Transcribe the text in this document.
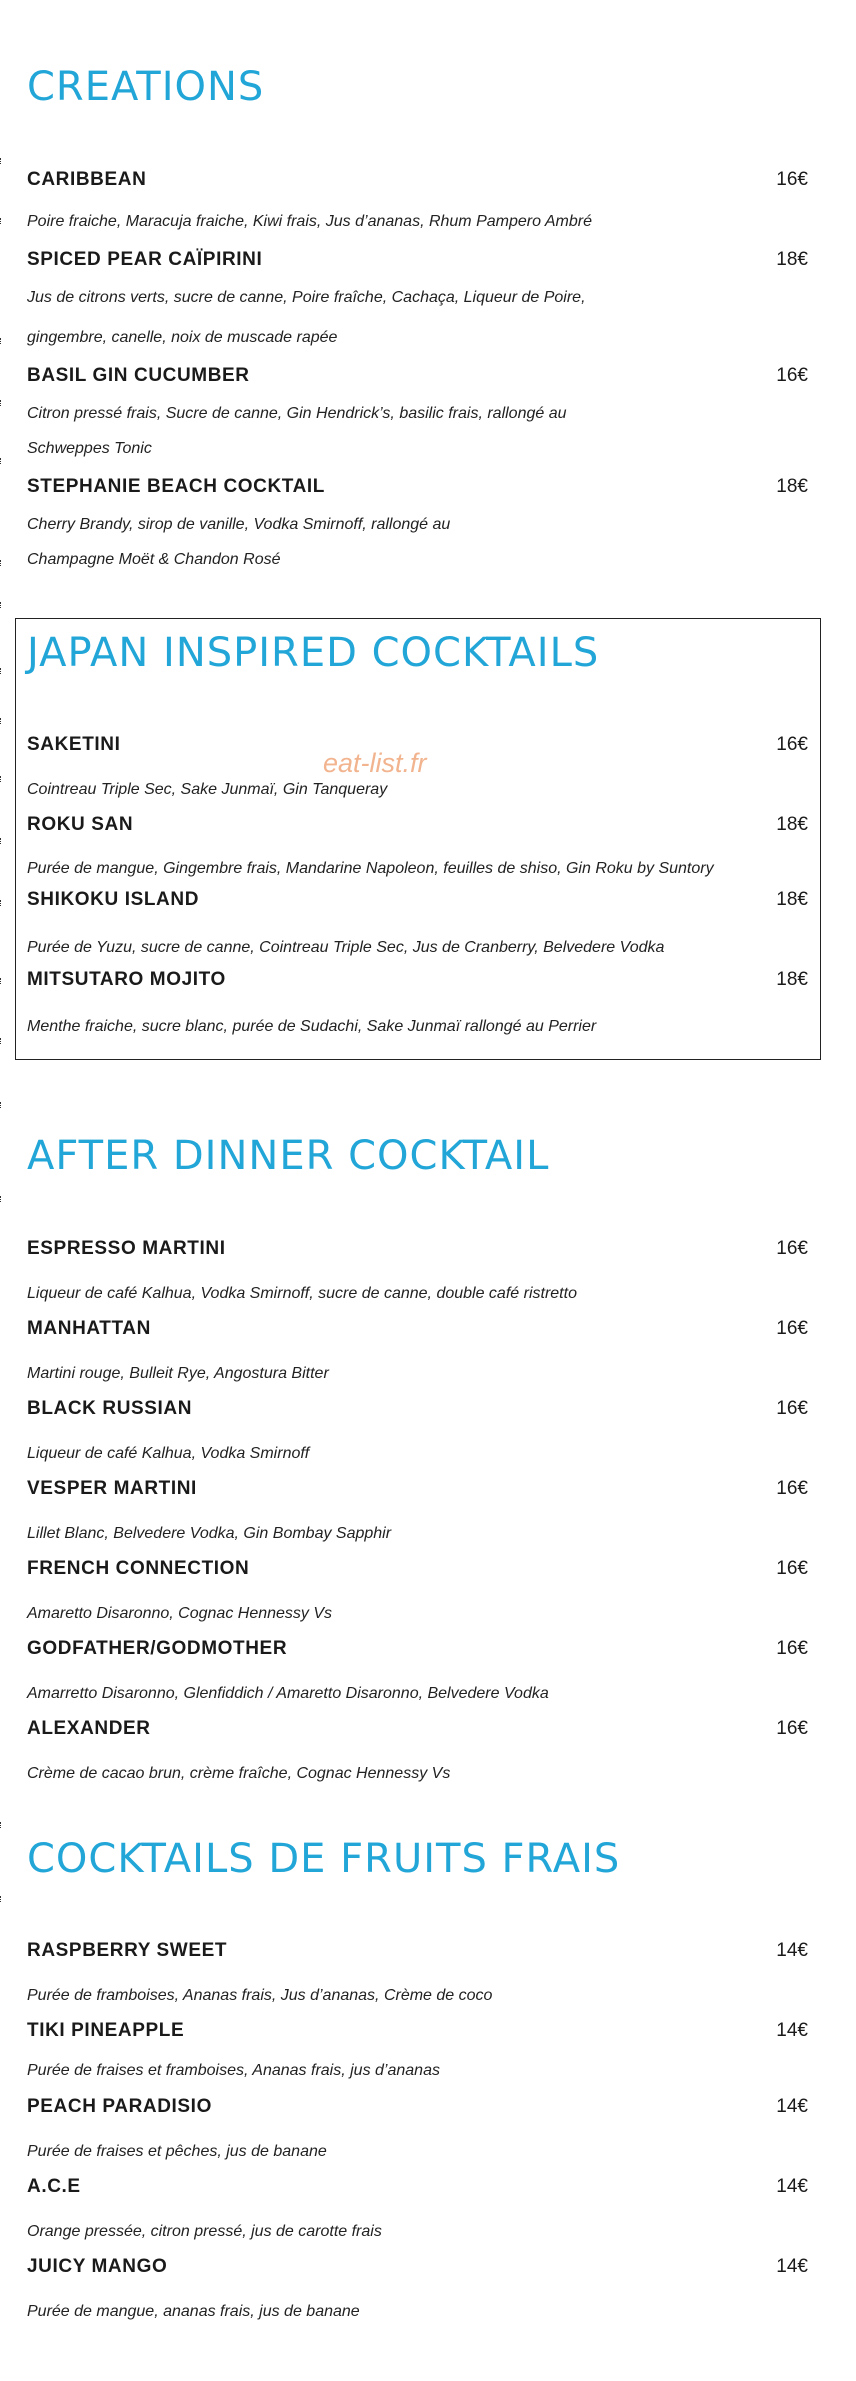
CREATIONS
JAPAN INSPIRED COCKTAILS
AFTER DINNER COCKTAIL
COCKTAILS DE FRUITS FRAIS
CARIBBEAN	16€
Poire fraiche, Maracuja fraiche, Kiwi frais, Jus d’ananas, Rhum Pampero Ambré
SPICED PEAR CAÏPIRINI	18€
Jus de citrons verts, sucre de canne, Poire fraîche, Cachaça, Liqueur de Poire,
gingembre, canelle, noix de muscade rapée
BASIL GIN CUCUMBER	16€
Citron pressé frais, Sucre de canne, Gin Hendrick’s, basilic frais, rallongé au
Schweppes Tonic
STEPHANIE BEACH COCKTAIL	18€
Cherry Brandy, sirop de vanille, Vodka Smirnoff, rallongé au
Champagne Moët & Chandon Rosé
SAKETINI	16€
Cointreau Triple Sec, Sake Junmaï, Gin Tanqueray
ROKU SAN	18€
Purée de mangue, Gingembre frais, Mandarine Napoleon, feuilles de shiso, Gin Roku by Suntory
SHIKOKU ISLAND	18€
Purée de Yuzu, sucre de canne, Cointreau Triple Sec, Jus de Cranberry, Belvedere Vodka
MITSUTARO MOJITO	18€
Menthe fraiche, sucre blanc, purée de Sudachi, Sake Junmaï rallongé au Perrier
eat-list.fr
ESPRESSO MARTINI	16€
Liqueur de café Kalhua, Vodka Smirnoff, sucre de canne, double café ristretto
MANHATTAN	16€
Martini rouge, Bulleit Rye, Angostura Bitter
BLACK RUSSIAN	16€
Liqueur de café Kalhua, Vodka Smirnoff
VESPER MARTINI	16€
Lillet Blanc, Belvedere Vodka, Gin Bombay Sapphir
FRENCH CONNECTION	16€
Amaretto Disaronno, Cognac Hennessy Vs
GODFATHER/GODMOTHER	16€
Amarretto Disaronno, Glenfiddich / Amaretto Disaronno, Belvedere Vodka
ALEXANDER	16€
Crème de cacao brun, crème fraîche, Cognac Hennessy Vs
RASPBERRY SWEET	14€
Purée de framboises, Ananas frais, Jus d’ananas, Crème de coco
TIKI PINEAPPLE	14€
Purée de fraises et framboises, Ananas frais, jus d’ananas
PEACH PARADISIO	14€
Purée de fraises et pêches, jus de banane
A.C.E	14€
Orange pressée, citron pressé, jus de carotte frais
JUICY MANGO	14€
Purée de mangue, ananas frais, jus de banane
